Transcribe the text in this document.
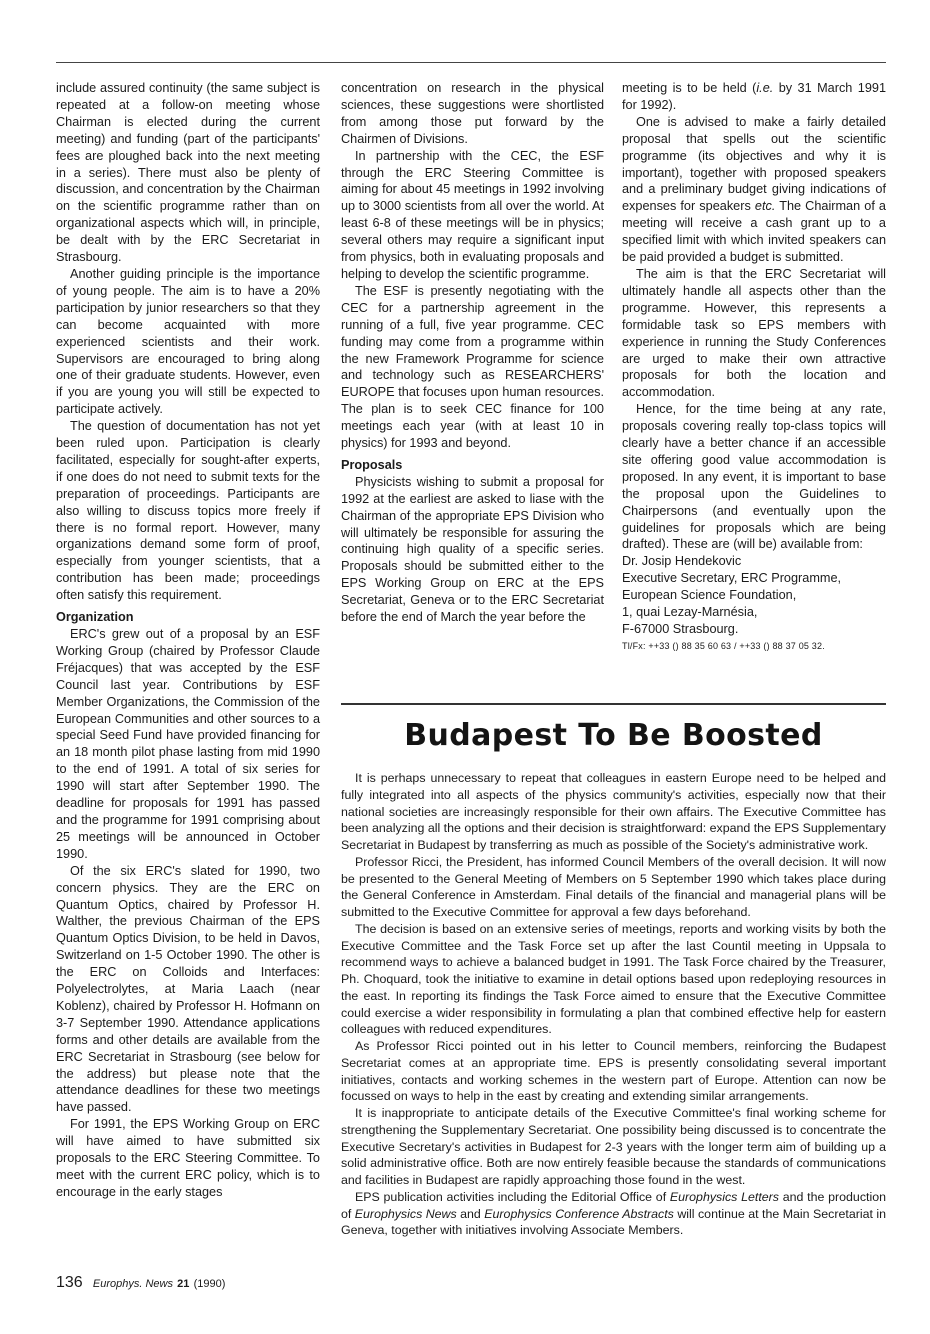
include assured continuity (the same subject is repeated at a follow-on meeting whose Chairman is elected during the current meeting) and funding (part of the participants' fees are ploughed back into the next meeting in a series). There must also be plenty of discussion, and concentration by the Chairman on the scientific programme rather than on organizational aspects which will, in principle, be dealt with by the ERC Secretariat in Strasbourg.

Another guiding principle is the importance of young people. The aim is to have a 20% participation by junior researchers so that they can become acquainted with more experienced scientists and their work. Supervisors are encouraged to bring along one of their graduate students. However, even if you are young you will still be expected to participate actively.

The question of documentation has not yet been ruled upon. Participation is clearly facilitated, especially for sought-after experts, if one does do not need to submit texts for the preparation of proceedings. Participants are also willing to discuss topics more freely if there is no formal report. However, many organizations demand some form of proof, especially from younger scientists, that a contribution has been made; proceedings often satisfy this requirement.

Organization

ERC's grew out of a proposal by an ESF Working Group (chaired by Professor Claude Fréjacques) that was accepted by the ESF Council last year. Contributions by ESF Member Organizations, the Commission of the European Communities and other sources to a special Seed Fund have provided financing for an 18 month pilot phase lasting from mid 1990 to the end of 1991. A total of six series for 1990 will start after September 1990. The deadline for proposals for 1991 has passed and the programme for 1991 comprising about 25 meetings will be announced in October 1990.

Of the six ERC's slated for 1990, two concern physics. They are the ERC on Quantum Optics, chaired by Professor H. Walther, the previous Chairman of the EPS Quantum Optics Division, to be held in Davos, Switzerland on 1-5 October 1990. The other is the ERC on Colloids and Interfaces: Polyelectrolytes, at Maria Laach (near Koblenz), chaired by Professor H. Hofmann on 3-7 September 1990. Attendance applications forms and other details are available from the ERC Secretariat in Strasbourg (see below for the address) but please note that the attendance deadlines for these two meetings have passed.

For 1991, the EPS Working Group on ERC will have aimed to have submitted six proposals to the ERC Steering Committee. To meet with the current ERC policy, which is to encourage in the early stages

concentration on research in the physical sciences, these suggestions were shortlisted from among those put forward by the Chairmen of Divisions.

In partnership with the CEC, the ESF through the ERC Steering Committee is aiming for about 45 meetings in 1992 involving up to 3000 scientists from all over the world. At least 6-8 of these meetings will be in physics; several others may require a significant input from physics, both in evaluating proposals and helping to develop the scientific programme.

The ESF is presently negotiating with the CEC for a partnership agreement in the running of a full, five year programme. CEC funding may come from a programme within the new Framework Programme for science and technology such as RESEARCHERS' EUROPE that focuses upon human resources. The plan is to seek CEC finance for 100 meetings each year (with at least 10 in physics) for 1993 and beyond.

Proposals

Physicists wishing to submit a proposal for 1992 at the earliest are asked to liase with the Chairman of the appropriate EPS Division who will ultimately be responsible for assuring the continuing high quality of a specific series. Proposals should be submitted either to the EPS Working Group on ERC at the EPS Secretariat, Geneva or to the ERC Secretariat before the end of March the year before the

meeting is to be held (i.e. by 31 March 1991 for 1992).

One is advised to make a fairly detailed proposal that spells out the scientific programme (its objectives and why it is important), together with proposed speakers and a preliminary budget giving indications of expenses for speakers etc. The Chairman of a meeting will receive a cash grant up to a specified limit with which invited speakers can be paid provided a budget is submitted.

The aim is that the ERC Secretariat will ultimately handle all aspects other than the programme. However, this represents a formidable task so EPS members with experience in running the Study Conferences are urged to make their own attractive proposals for both the location and accommodation.

Hence, for the time being at any rate, proposals covering really top-class topics will clearly have a better chance if an accessible site offering good value accommodation is proposed. In any event, it is important to base the proposal upon the Guidelines to Chairpersons (and eventually upon the guidelines for proposals which are being drafted). These are (will be) available from:

Dr. Josip Hendekovic

Executive Secretary, ERC Programme,

European Science Foundation,

1, quai Lezay-Marnésia,

F-67000 Strasbourg.

Tl/Fx: ++33 () 88 35 60 63 / ++33 () 88 37 05 32.

Budapest To Be Boosted

It is perhaps unnecessary to repeat that colleagues in eastern Europe need to be helped and fully integrated into all aspects of the physics community's activities, especially now that their national societies are increasingly responsible for their own affairs. The Executive Committee has been analyzing all the options and their decision is straightforward: expand the EPS Supplementary Secretariat in Budapest by transferring as much as possible of the Society's administrative work.

Professor Ricci, the President, has informed Council Members of the overall decision. It will now be presented to the General Meeting of Members on 5 September 1990 which takes place during the General Conference in Amsterdam. Final details of the financial and managerial plans will be submitted to the Executive Committee for approval a few days beforehand.

The decision is based on an extensive series of meetings, reports and working visits by both the Executive Committee and the Task Force set up after the last Countil meeting in Uppsala to recommend ways to achieve a balanced budget in 1991. The Task Force chaired by the Treasurer, Ph. Choquard, took the initiative to examine in detail options based upon redeploying resources in the east. In reporting its findings the Task Force aimed to ensure that the Executive Committee could exercise a wider responsibility in formulating a plan that combined effective help for eastern colleagues with reduced expenditures.

As Professor Ricci pointed out in his letter to Council members, reinforcing the Budapest Secretariat comes at an appropriate time. EPS is presently consolidating several important initiatives, contacts and working schemes in the western part of Europe. Attention can now be focussed on ways to help in the east by creating and extending similar arrangements.

It is inappropriate to anticipate details of the Executive Committee's final working scheme for strengthening the Supplementary Secretariat. One possibility being discussed is to concentrate the Executive Secretary's activities in Budapest for 2-3 years with the longer term aim of building up a solid administrative office. Both are now entirely feasible because the standards of communications and facilities in Budapest are rapidly approaching those found in the west.

EPS publication activities including the Editorial Office of Europhysics Letters and the production of Europhysics News and Europhysics Conference Abstracts will continue at the Main Secretariat in Geneva, together with initiatives involving Associate Members.

136 Europhys. News 21 (1990)
